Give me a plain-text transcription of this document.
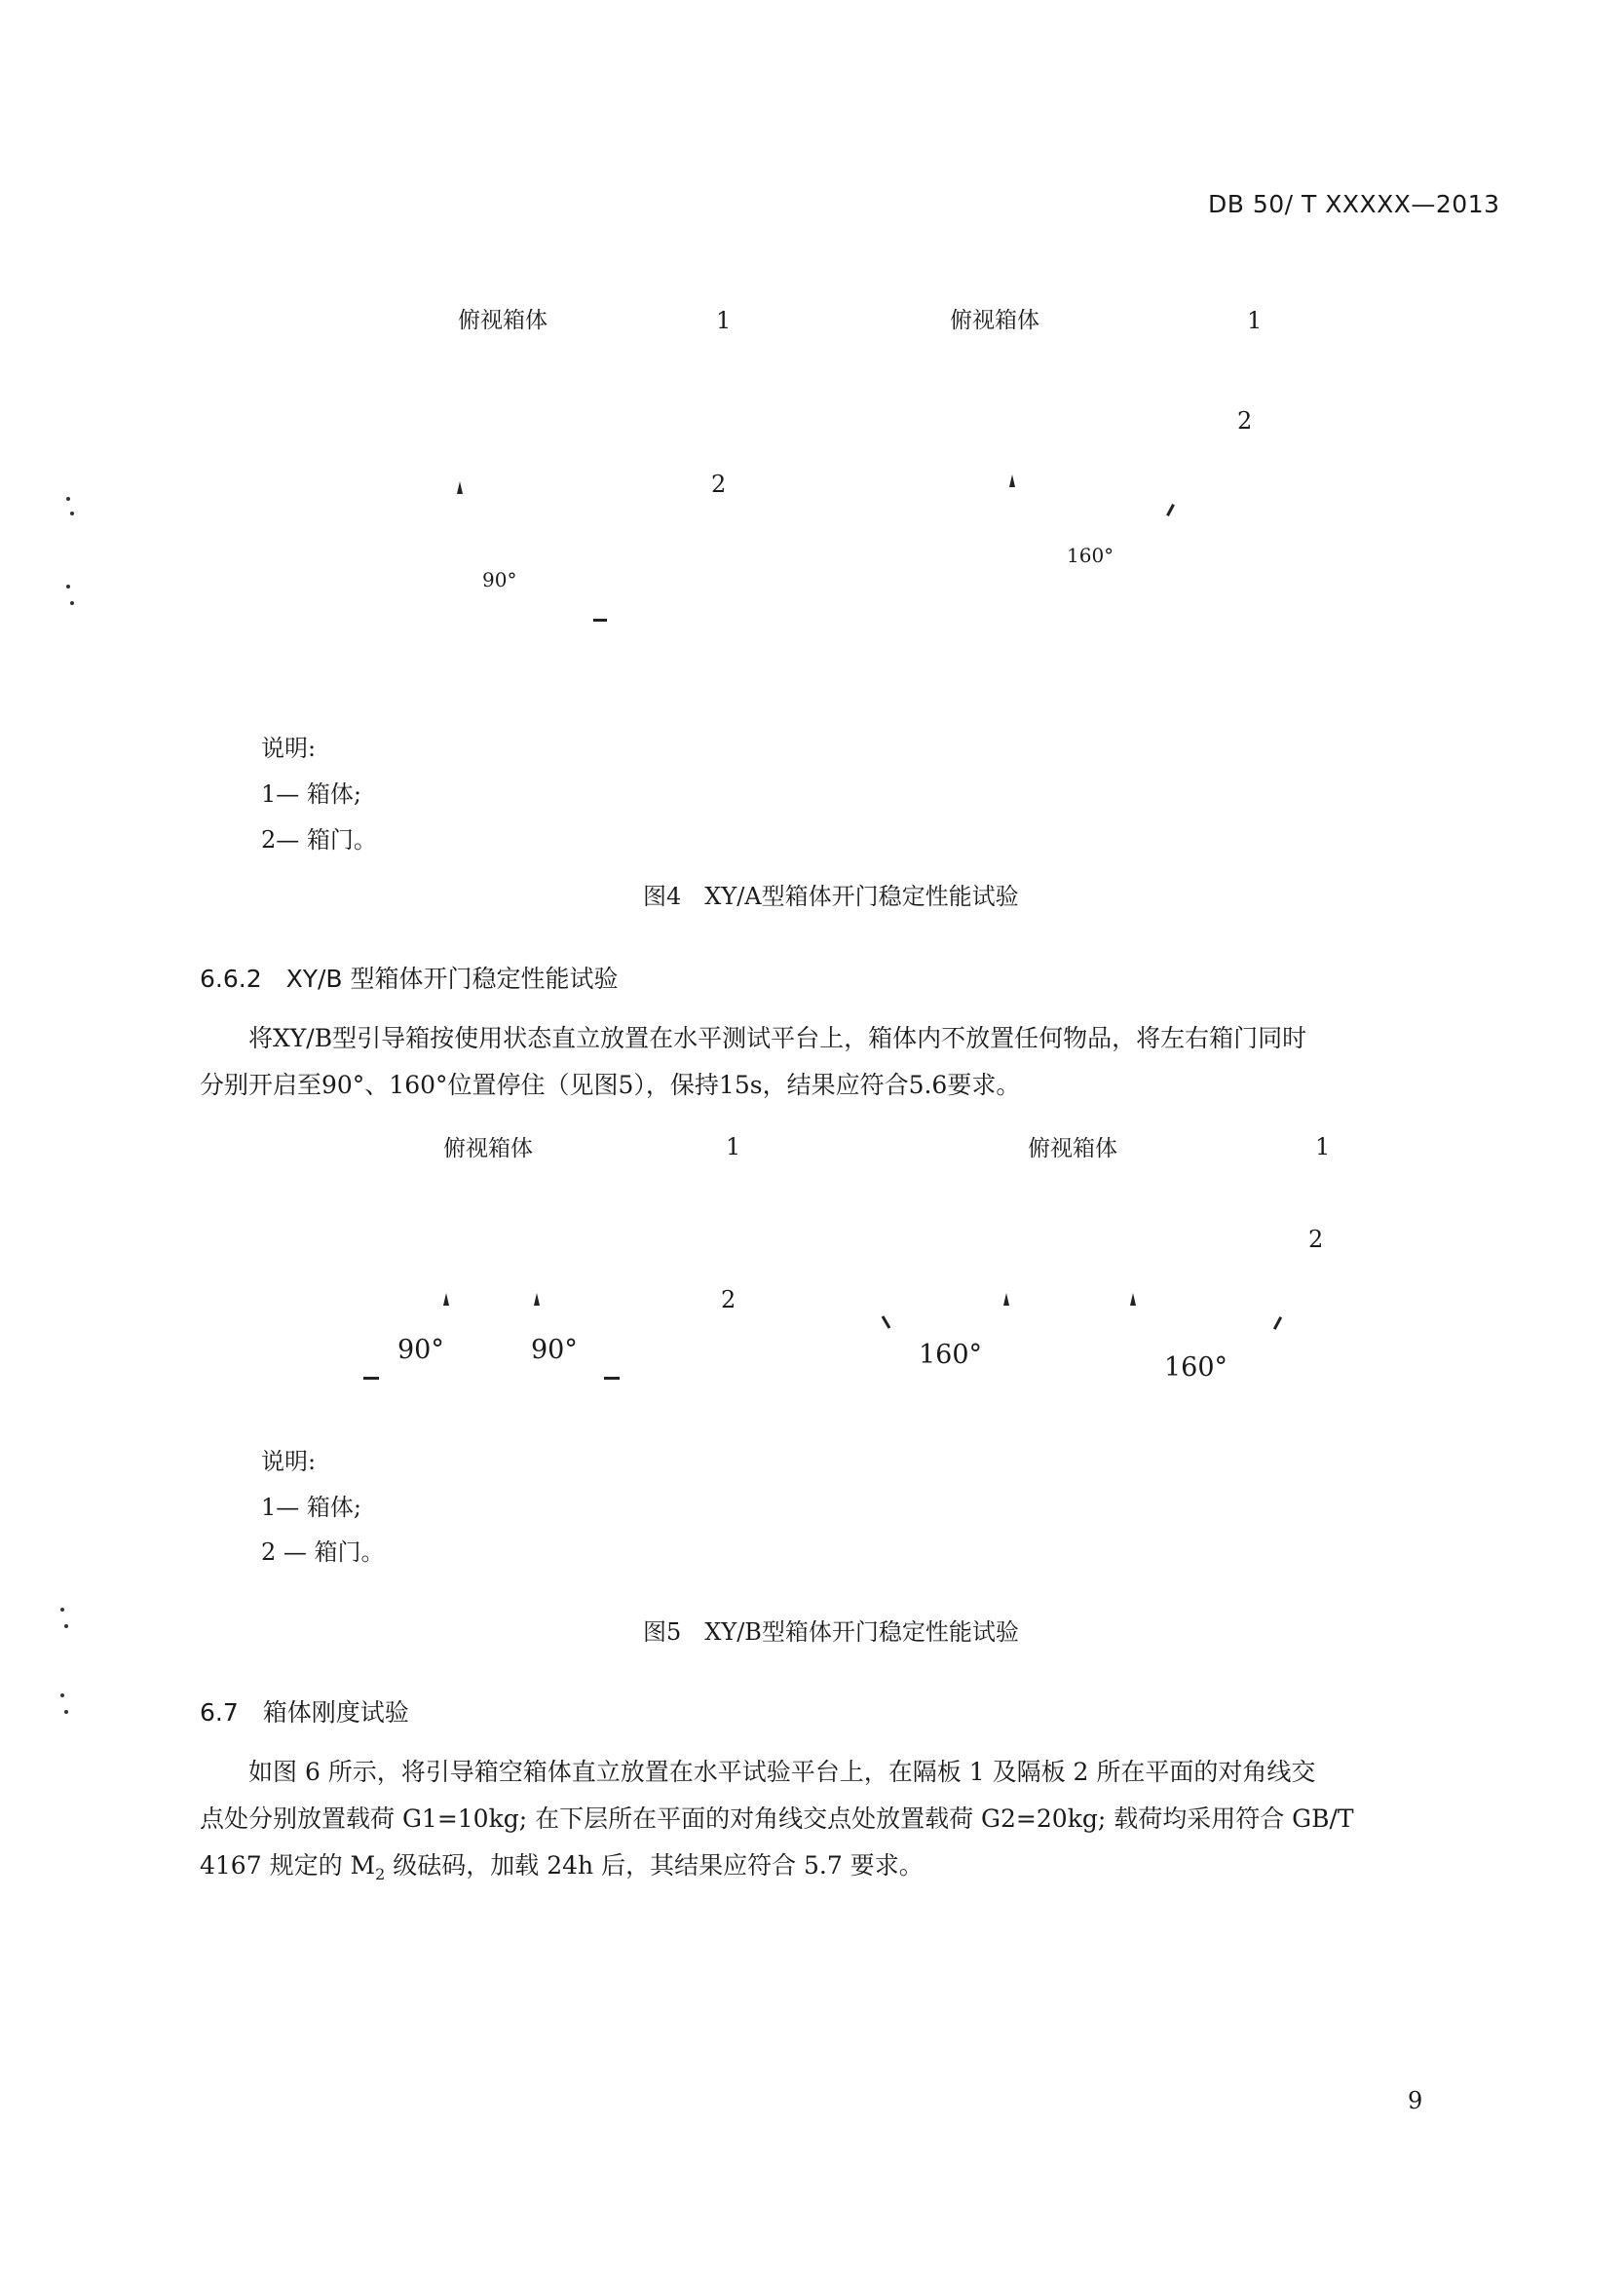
DB 50/ T XXXXX—2013
俯视箱体	1
2
90°
俯视箱体	1
2
160°
说明:
1— 箱体;
2— 箱门。
图4　XY/A型箱体开门稳定性能试验
6.6.2　XY/B 型箱体开门稳定性能试验
将XY/B型引导箱按使用状态直立放置在水平测试平台上，箱体内不放置任何物品，将左右箱门同时
分别开启至90°、160°位置停住（见图5），保持15s，结果应符合5.6要求。
俯视箱体	1
2
90°	90°
俯视箱体	1
2
160°	160°
说明:
1— 箱体;
2 — 箱门。
图5　XY/B型箱体开门稳定性能试验
6.7　箱体刚度试验
如图 6 所示，将引导箱空箱体直立放置在水平试验平台上，在隔板 1 及隔板 2 所在平面的对角线交
点处分别放置载荷 G1=10kg; 在下层所在平面的对角线交点处放置载荷 G2=20kg; 载荷均采用符合 GB/T
4167 规定的 $M_2$ 级砝码，加载 24h 后，其结果应符合 5.7 要求。
9
